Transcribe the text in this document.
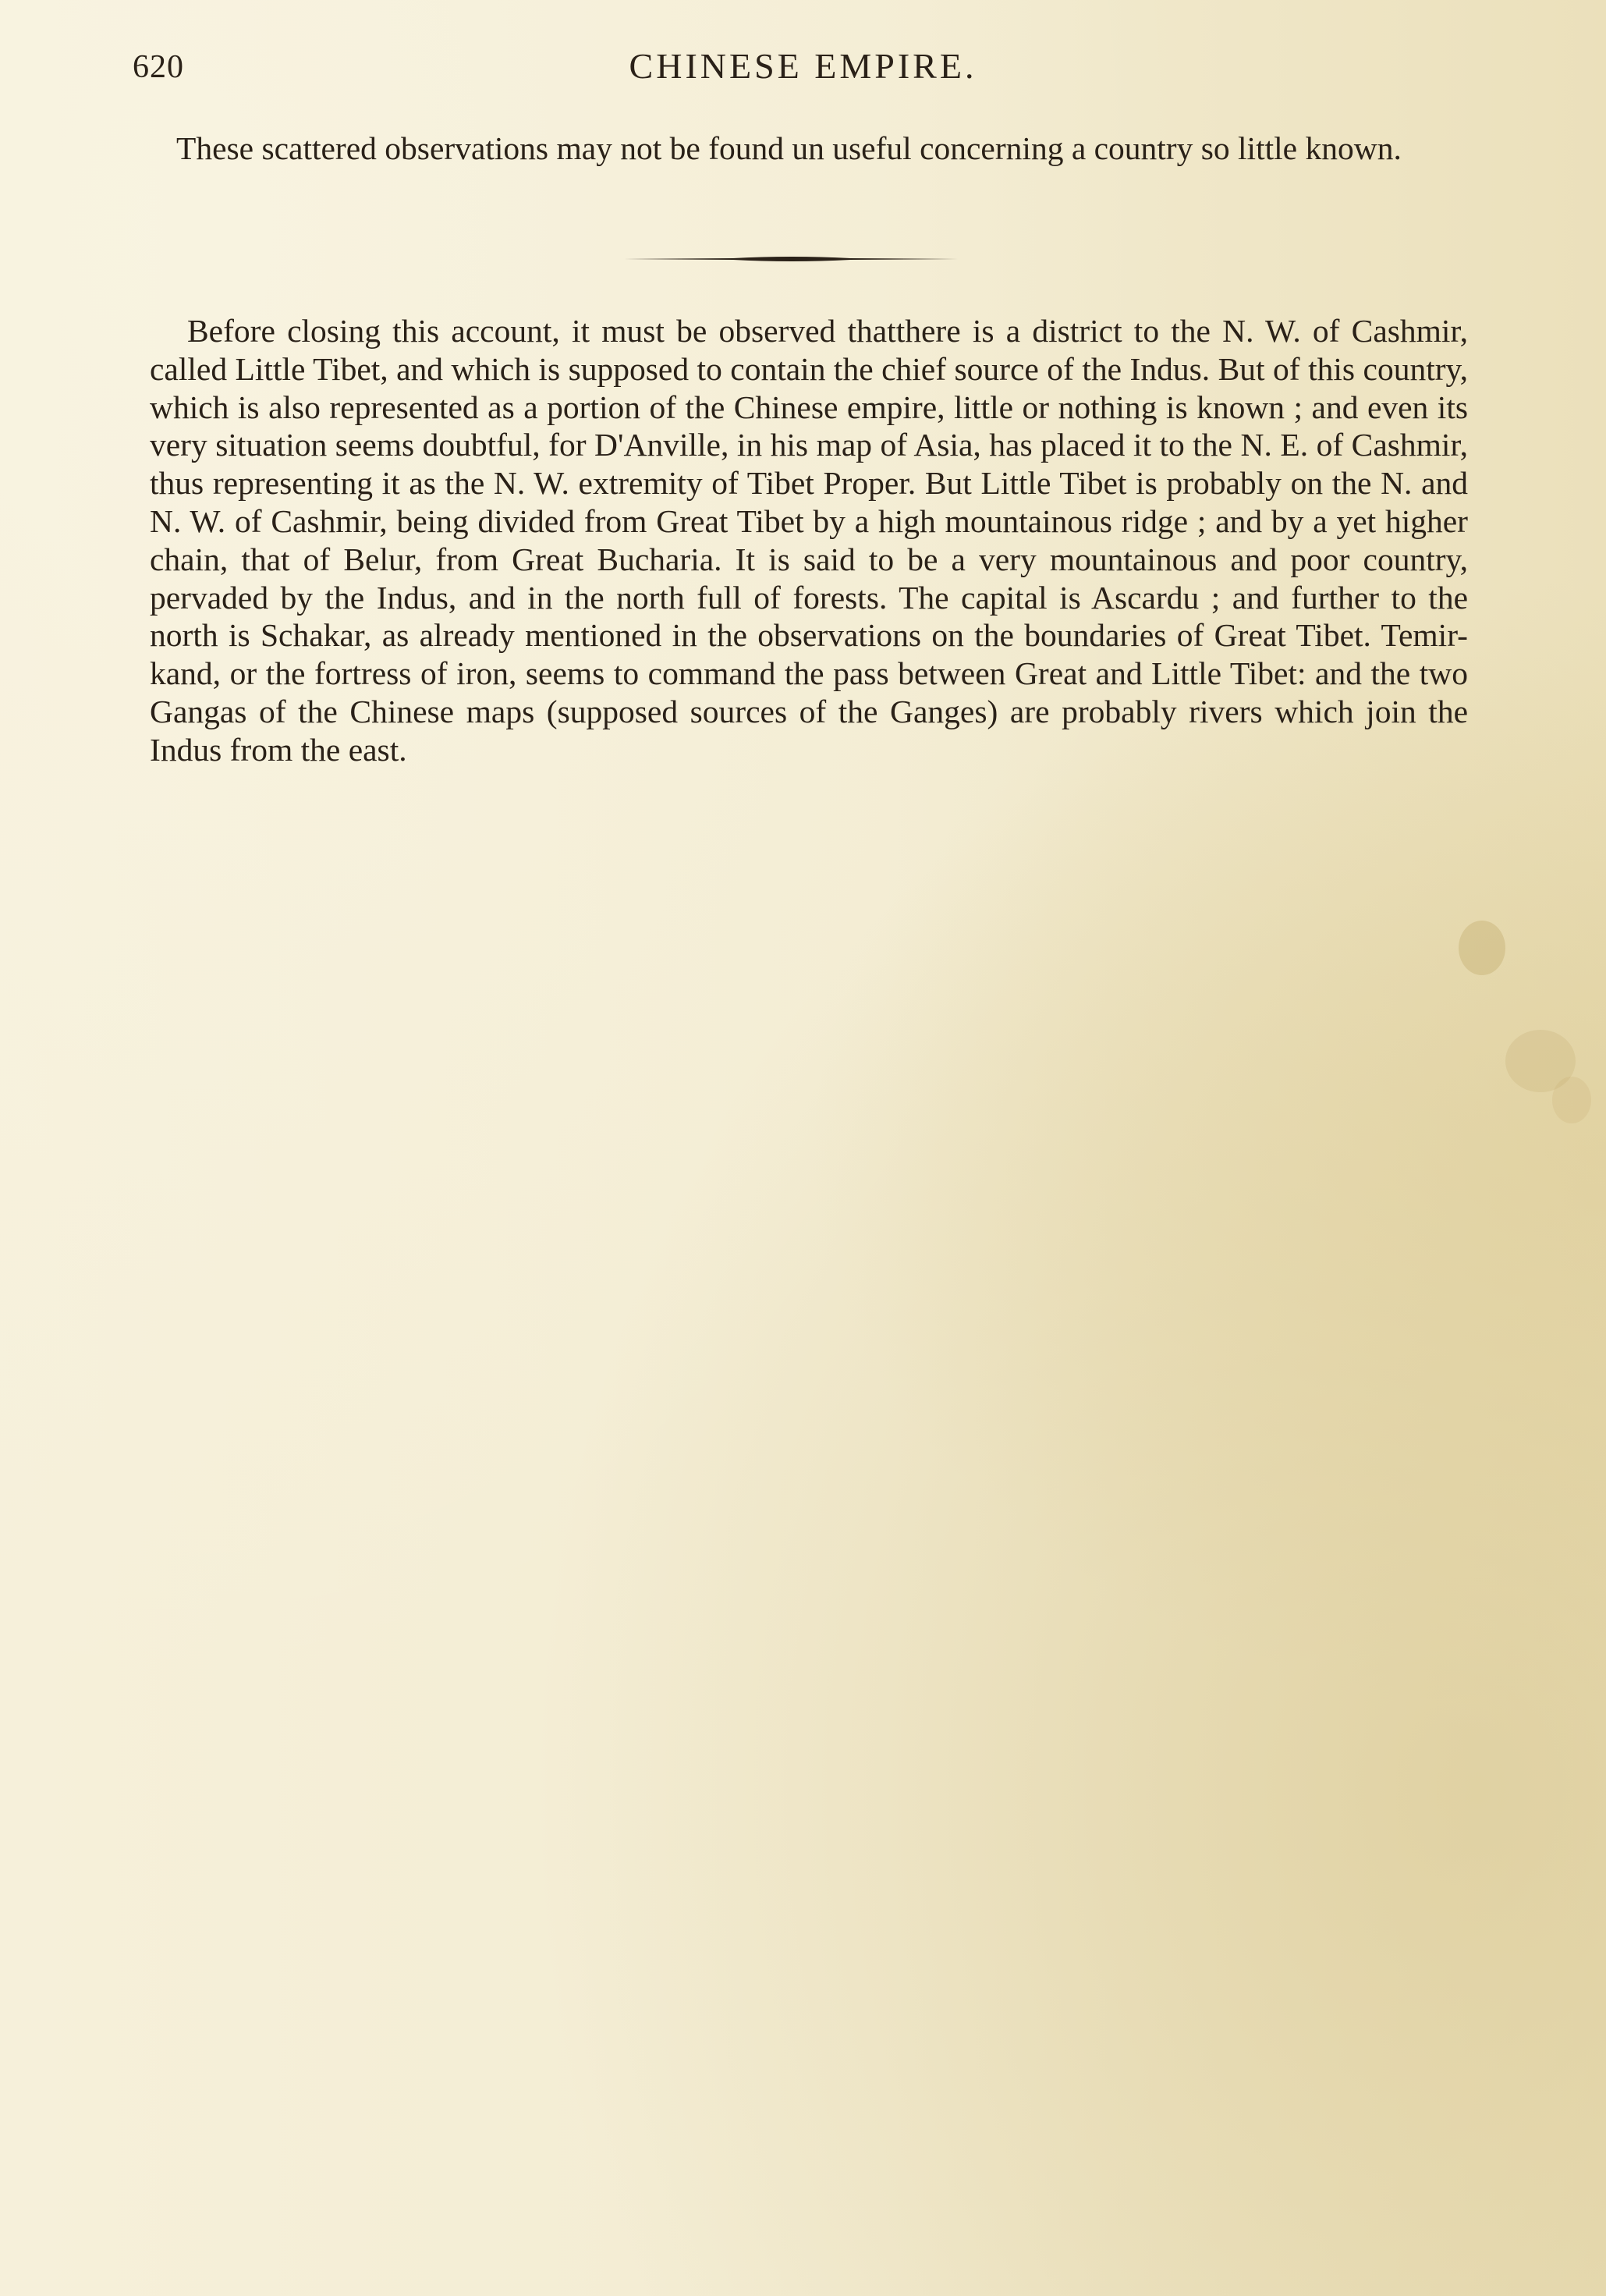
620	CHINESE EMPIRE.

These scattered observations may not be found un useful concerning a country so little known.

Before closing this account, it must be observed thatthere is a district to the N. W. of Cashmir, called Little Tibet, and which is supposed to contain the chief source of the Indus. But of this country, which is also represented as a portion of the Chinese empire, little or nothing is known ; and even its very situation seems doubtful, for D'Anville, in his map of Asia, has placed it to the N. E. of Cashmir, thus representing it as the N. W. extremity of Tibet Proper. But Little Tibet is probably on the N. and N. W. of Cashmir, being divided from Great Tibet by a high mountainous ridge ; and by a yet higher chain, that of Belur, from Great Bucharia. It is said to be a very mountainous and poor country, pervaded by the Indus, and in the north full of forests. The capital is Ascardu ; and further to the north is Schakar, as already mentioned in the observations on the boundaries of Great Tibet. Temir-kand, or the fortress of iron, seems to command the pass between Great and Little Tibet: and the two Gangas of the Chinese maps (supposed sources of the Ganges) are probably rivers which join the Indus from the east.
